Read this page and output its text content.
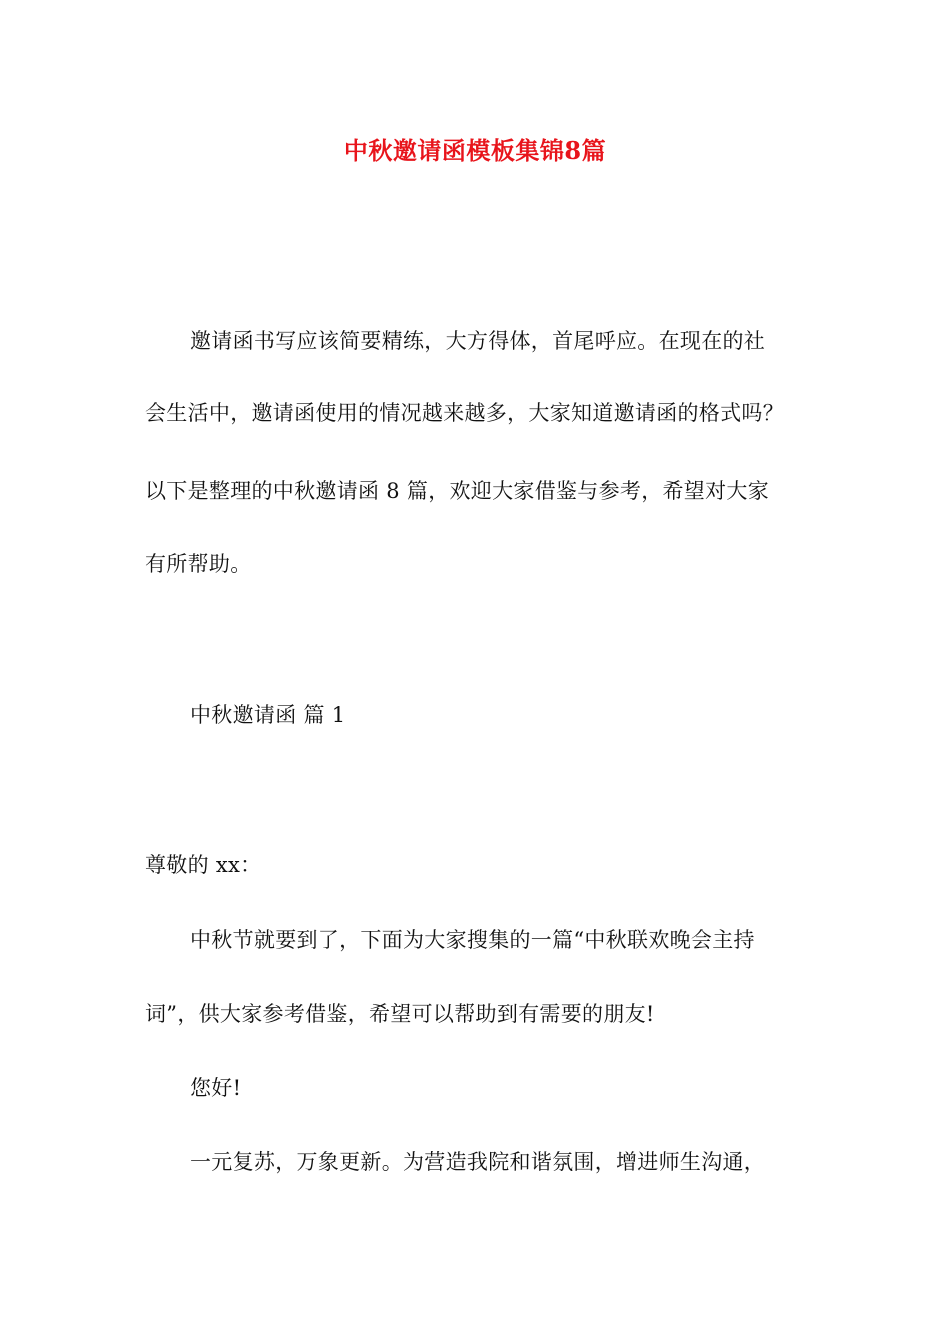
中秋邀请函模板集锦8篇
邀请函书写应该简要精练，大方得体，首尾呼应。在现在的社
会生活中，邀请函使用的情况越来越多，大家知道邀请函的格式吗？
以下是整理的中秋邀请函 8 篇，欢迎大家借鉴与参考，希望对大家
有所帮助。
中秋邀请函 篇 1
尊敬的 xx：
中秋节就要到了，下面为大家搜集的一篇“中秋联欢晚会主持
词”，供大家参考借鉴，希望可以帮助到有需要的朋友!
您好!
一元复苏，万象更新。为营造我院和谐氛围，增进师生沟通，
